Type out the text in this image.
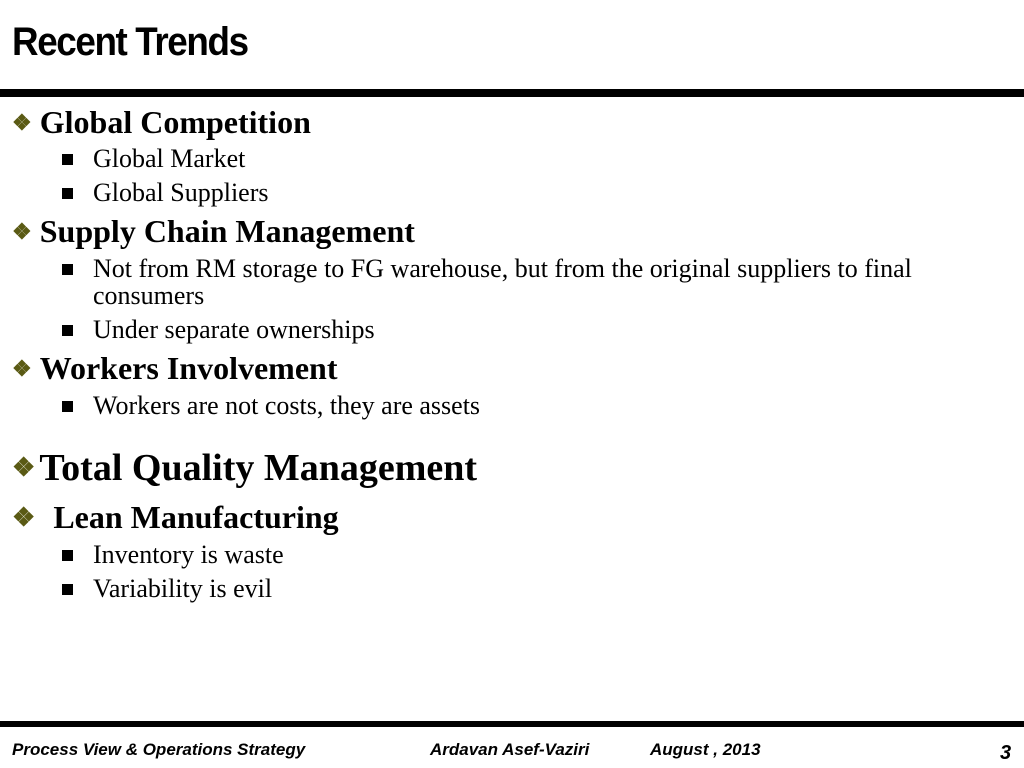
Recent Trends
❖ Global Competition
Global Market
Global Suppliers
❖ Supply Chain Management
Not from RM storage to FG warehouse, but from the original suppliers to final consumers
Under separate ownerships
❖ Workers Involvement
Workers are not costs, they are assets
❖ Total Quality Management
❖ Lean Manufacturing
Inventory is waste
Variability is evil
Process View & Operations Strategy	Ardavan Asef-Vaziri	August , 2013	3
